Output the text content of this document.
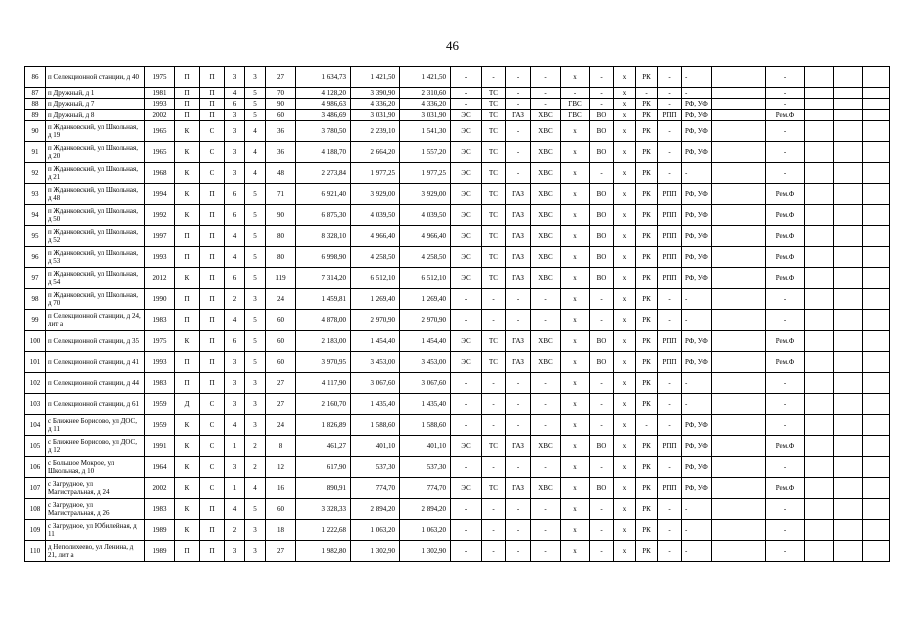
46
86	п Селекционной станции, д 40	1975	П	П	3	3	27	1 634,73	1 421,50	1 421,50	-	-	-	-	х	-	х	РК	-	-		-			
87	п Дружный, д 1	1981	П	П	4	5	70	4 128,20	3 390,90	2 310,60	-	ТС	-	-	-	-	х	-	-	-		-			
88	п Дружный, д 7	1993	П	П	6	5	90	4 986,63	4 336,20	4 336,20	-	ТС	-	-	ГВС	-	х	РК	-	РФ, УФ		-			
89	п Дружный, д 8	2002	П	П	3	5	60	3 486,69	3 031,90	3 031,90	ЭС	ТС	ГАЗ	ХВС	ГВС	ВО	х	РК	РПП	РФ, УФ		Рем.Ф			
90	п Жданковский, ул Школьная, д 19	1965	К	С	3	4	36	3 780,50	2 239,10	1 541,30	ЭС	ТС	-	ХВС	х	ВО	х	РК	-	РФ, УФ		-			
91	п Жданковский, ул Школьная, д 20	1965	К	С	3	4	36	4 188,70	2 664,20	1 557,20	ЭС	ТС	-	ХВС	х	ВО	х	РК	-	РФ, УФ		-			
92	п Жданковский, ул Школьная, д 21	1968	К	С	3	4	48	2 273,84	1 977,25	1 977,25	ЭС	ТС	-	ХВС	х	-	х	РК	-	-		-			
93	п Жданковский, ул Школьная, д 48	1994	К	П	6	5	71	6 921,40	3 929,00	3 929,00	ЭС	ТС	ГАЗ	ХВС	х	ВО	х	РК	РПП	РФ, УФ		Рем.Ф			
94	п Жданковский, ул Школьная, д 50	1992	К	П	6	5	90	6 875,30	4 039,50	4 039,50	ЭС	ТС	ГАЗ	ХВС	х	ВО	х	РК	РПП	РФ, УФ		Рем.Ф			
95	п Жданковский, ул Школьная, д 52	1997	П	П	4	5	80	8 328,10	4 966,40	4 966,40	ЭС	ТС	ГАЗ	ХВС	х	ВО	х	РК	РПП	РФ, УФ		Рем.Ф			
96	п Жданковский, ул Школьная, д 53	1993	П	П	4	5	80	6 998,90	4 258,50	4 258,50	ЭС	ТС	ГАЗ	ХВС	х	ВО	х	РК	РПП	РФ, УФ		Рем.Ф			
97	п Жданковский, ул Школьная, д 54	2012	К	П	6	5	119	7 314,20	6 512,10	6 512,10	ЭС	ТС	ГАЗ	ХВС	х	ВО	х	РК	РПП	РФ, УФ		Рем.Ф			
98	п Жданковский, ул Школьная, д 70	1990	П	П	2	3	24	1 459,81	1 269,40	1 269,40	-	-	-	-	х	-	х	РК	-	-		-			
99	п Селекционной станции, д 24, лит а	1983	П	П	4	5	60	4 878,00	2 970,90	2 970,90	-	-	-	-	х	-	х	РК	-	-		-			
100	п Селекционной станции, д 35	1975	К	П	6	5	60	2 183,00	1 454,40	1 454,40	ЭС	ТС	ГАЗ	ХВС	х	ВО	х	РК	РПП	РФ, УФ		Рем.Ф			
101	п Селекционной станции, д 41	1993	П	П	3	5	60	3 970,95	3 453,00	3 453,00	ЭС	ТС	ГАЗ	ХВС	х	ВО	х	РК	РПП	РФ, УФ		Рем.Ф			
102	п Селекционной станции, д 44	1983	П	П	3	3	27	4 117,90	3 067,60	3 067,60	-	-	-	-	х	-	х	РК	-	-		-			
103	п Селекционной станции, д 61	1959	Д	С	3	3	27	2 160,70	1 435,40	1 435,40	-	-	-	-	х	-	х	РК	-	-		-			
104	с Ближнее Борисово, ул ДОС, д 11	1959	К	С	4	3	24	1 826,89	1 588,60	1 588,60	-	-	-	-	х	-	х	-	-	РФ, УФ		-			
105	с Ближнее Борисово, ул ДОС, д 12	1991	К	С	1	2	8	461,27	401,10	401,10	ЭС	ТС	ГАЗ	ХВС	х	ВО	х	РК	РПП	РФ, УФ		Рем.Ф			
106	с Большое Мокрое, ул Школьная, д 10	1964	К	С	3	2	12	617,90	537,30	537,30	-	-	-	-	х	-	х	РК	-	РФ, УФ		-			
107	с Загрудное, ул Магистральная, д 24	2002	К	С	1	4	16	890,91	774,70	774,70	ЭС	ТС	ГАЗ	ХВС	х	ВО	х	РК	РПП	РФ, УФ		Рем.Ф			
108	с Загрудное, ул Магистральная, д 26	1983	К	П	4	5	60	3 328,33	2 894,20	2 894,20	-	-	-	-	х	-	х	РК	-	-		-			
109	с Загрудное, ул Юбилейная, д 11	1989	К	П	2	3	18	1 222,68	1 063,20	1 063,20	-	-	-	-	х	-	х	РК	-	-		-			
110	д Неполихеево, ул Ленина, д 21, лит а	1989	П	П	3	3	27	1 982,80	1 302,90	1 302,90	-	-	-	-	х	-	х	РК	-	-		-			
